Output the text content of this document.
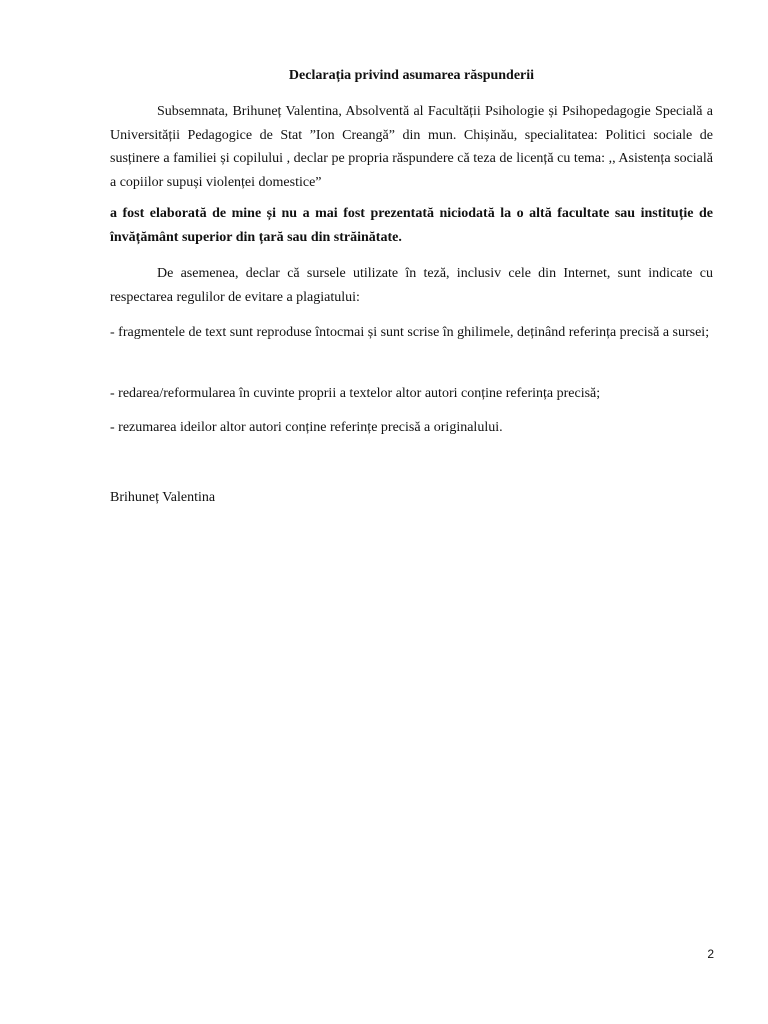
Declarația privind asumarea răspunderii
Subsemnata, Brihuneț Valentina, Absolventă al Facultății Psihologie și Psihopedagogie Specială a Universității Pedagogice de Stat ”Ion Creangă” din mun. Chișinău, specialitatea: Politici sociale de susținere a familiei și copilului , declar pe propria răspundere că teza de licență cu tema: ,, Asistența socială a copiilor supuși violenței domestice”
a fost elaborată de mine și nu a mai fost prezentată niciodată la o altă facultate sau instituție de învățământ superior din țară sau din străinătate.
De asemenea, declar că sursele utilizate în teză, inclusiv cele din Internet, sunt indicate cu respectarea regulilor de evitare a plagiatului:
- fragmentele de text sunt reproduse întocmai și sunt scrise în ghilimele, deținând referința precisă a sursei;
- redarea/reformularea în cuvinte proprii a textelor altor autori conține referința precisă;
- rezumarea ideilor altor autori conține referințe precisă a originalului.
Brihuneț Valentina
2
